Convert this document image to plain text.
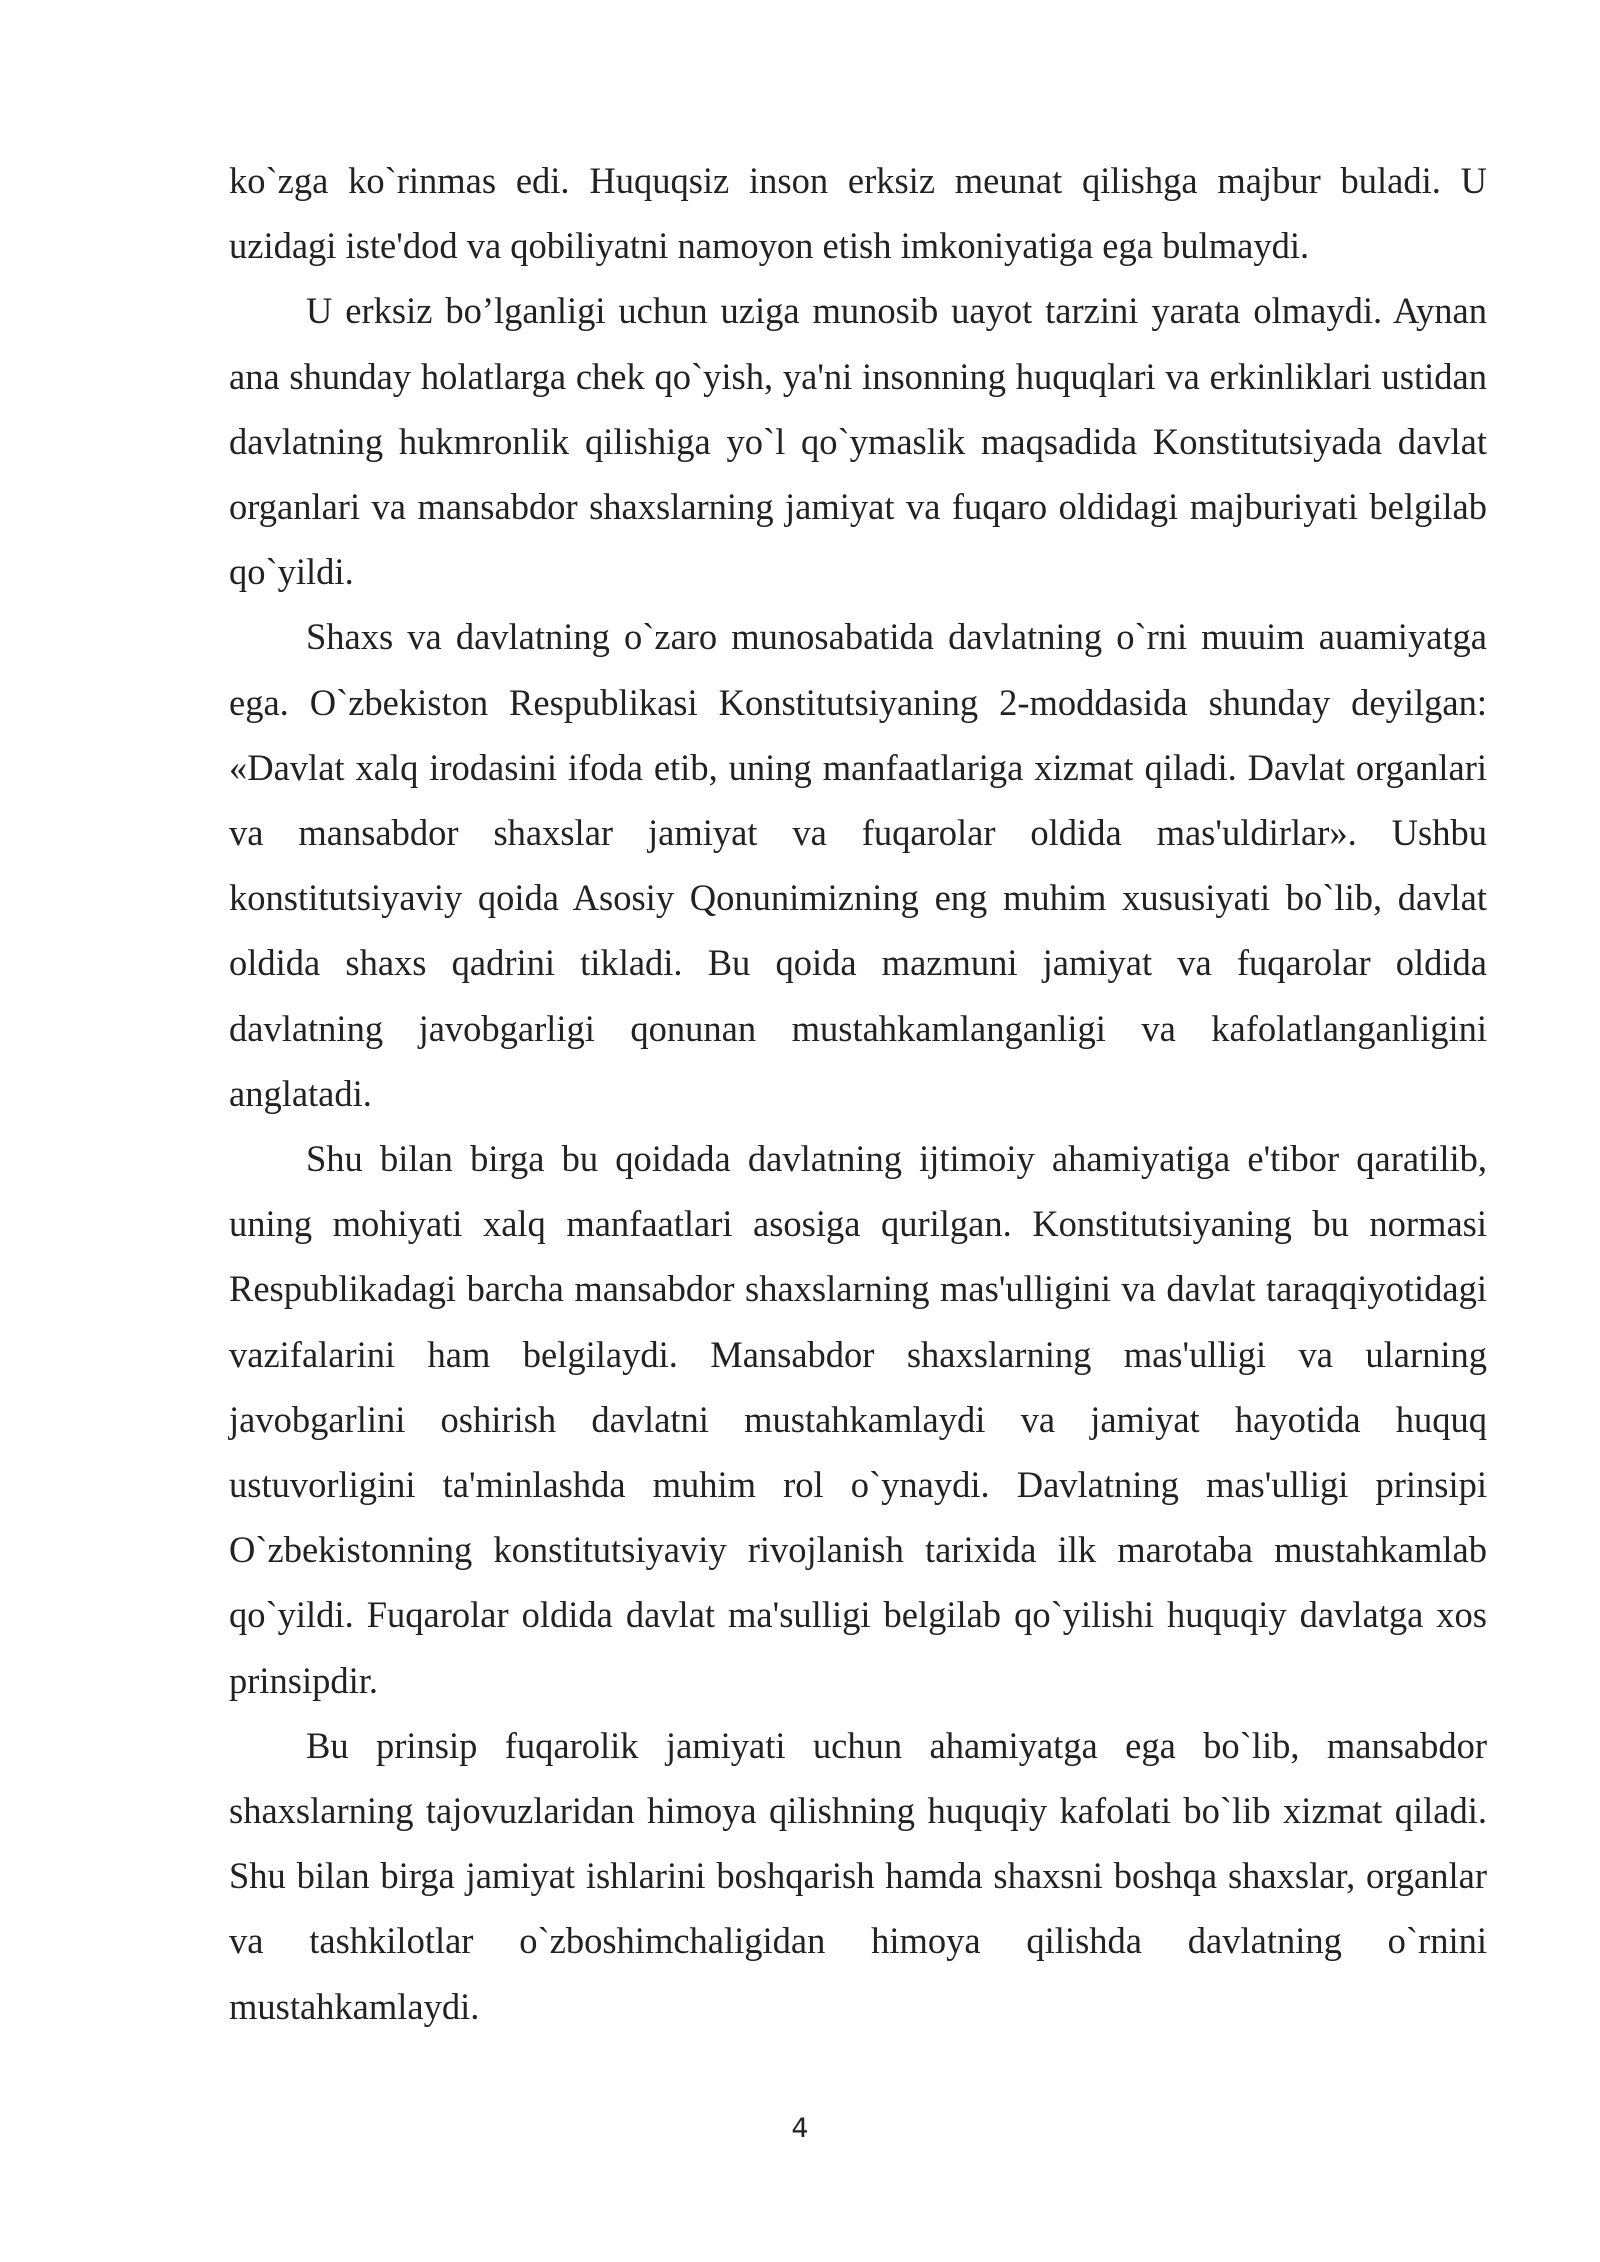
ko`zga ko`rinmas edi. Huquqsiz inson erksiz meunat qilishga majbur buladi. U uzidagi iste'dod va qobiliyatni namoyon etish imkoniyatiga ega bulmaydi.

U erksiz bo’lganligi uchun uziga munosib uayot tarzini yarata olmaydi. Aynan ana shunday holatlarga chek qo`yish, ya'ni insonning huquqlari va erkinliklari ustidan davlatning hukmronlik qilishiga yo`l qo`ymaslik maqsadida Konstitutsiyada davlat organlari va mansabdor shaxslarning jamiyat va fuqaro oldidagi majburiyati belgilab qo`yildi.

Shaxs va davlatning o`zaro munosabatida davlatning o`rni muuim auamiyatga ega. O`zbekiston Respublikasi Konstitutsiyaning 2-moddasida shunday deyilgan: «Davlat xalq irodasini ifoda etib, uning manfaatlariga xizmat qiladi. Davlat organlari va mansabdor shaxslar jamiyat va fuqarolar oldida mas'uldirlar». Ushbu konstitutsiyaviy qoida Asosiy Qonunimizning eng muhim xususiyati bo`lib, davlat oldida shaxs qadrini tikladi. Bu qoida mazmuni jamiyat va fuqarolar oldida davlatning javobgarligi qonunan mustahkamlanganligi va kafolatlanganligini anglatadi.

Shu bilan birga bu qoidada davlatning ijtimoiy ahamiyatiga e'tibor qaratilib, uning mohiyati xalq manfaatlari asosiga qurilgan. Konstitutsiyaning bu normasi Respublikadagi barcha mansabdor shaxslarning mas'ulligini va davlat taraqqiyotidagi vazifalarini ham belgilaydi. Mansabdor shaxslarning mas'ulligi va ularning javobgarlini oshirish davlatni mustahkamlaydi va jamiyat hayotida huquq ustuvorligini ta'minlashda muhim rol o`ynaydi. Davlatning mas'ulligi prinsipi O`zbekistonning konstitutsiyaviy rivojlanish tarixida ilk marotaba mustahkamlab qo`yildi. Fuqarolar oldida davlat ma'sulligi belgilab qo`yilishi huquqiy davlatga xos prinsipdir.

Bu prinsip fuqarolik jamiyati uchun ahamiyatga ega bo`lib, mansabdor shaxslarning tajovuzlaridan himoya qilishning huquqiy kafolati bo`lib xizmat qiladi. Shu bilan birga jamiyat ishlarini boshqarish hamda shaxsni boshqa shaxslar, organlar va tashkilotlar o`zboshimchaligidan himoya qilishda davlatning o`rnini mustahkamlaydi.

4
